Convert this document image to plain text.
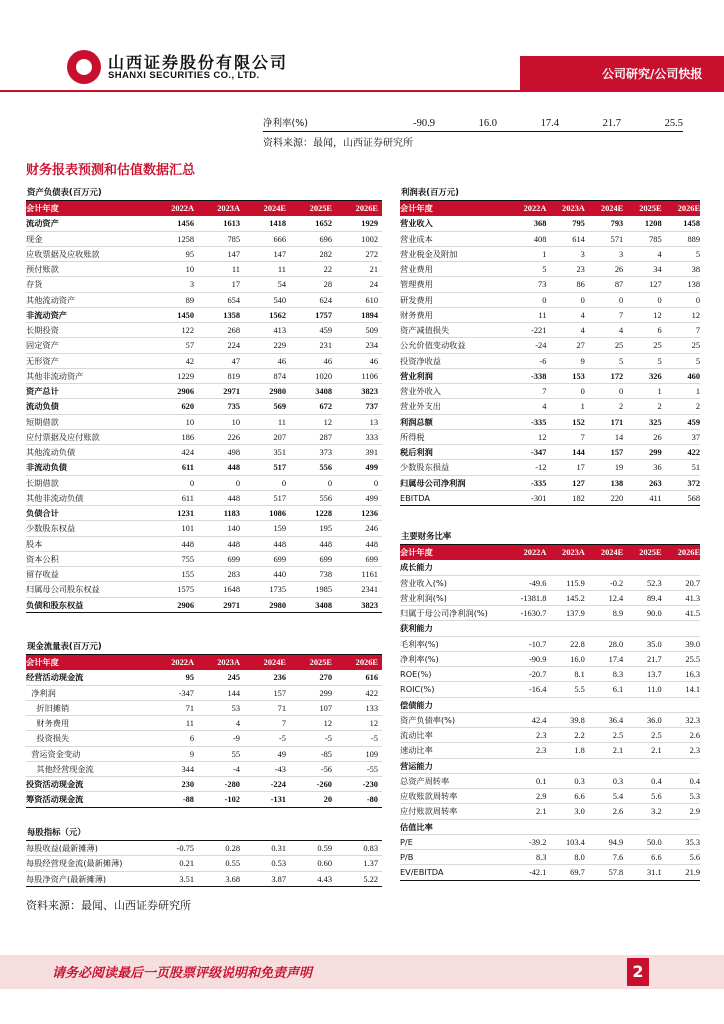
山西证券股份有限公司
SHANXI SECURITIES CO., LTD.	公司研究/公司快报
净利率(%)	-90.9	16.0	17.4	21.7	25.5
资料来源：最闻，山西证券研究所
财务报表预测和估值数据汇总
资产负债表(百万元)
会计年度	2022A	2023A	2024E	2025E	2026E
流动资产	1456	1613	1418	1652	1929
现金	1258	785	666	696	1002
应收票据及应收账款	95	147	147	282	272
预付账款	10	11	11	22	21
存货	3	17	54	28	24
其他流动资产	89	654	540	624	610
非流动资产	1450	1358	1562	1757	1894
长期投资	122	268	413	459	509
固定资产	57	224	229	231	234
无形资产	42	47	46	46	46
其他非流动资产	1229	819	874	1020	1106
资产总计	2906	2971	2980	3408	3823
流动负债	620	735	569	672	737
短期借款	10	10	11	12	13
应付票据及应付账款	186	226	207	287	333
其他流动负债	424	498	351	373	391
非流动负债	611	448	517	556	499
长期借款	0	0	0	0	0
其他非流动负债	611	448	517	556	499
负债合计	1231	1183	1086	1228	1236
少数股东权益	101	140	159	195	246
股本	448	448	448	448	448
资本公积	755	699	699	699	699
留存收益	155	283	440	738	1161
归属母公司股东权益	1575	1648	1735	1985	2341
负债和股东权益	2906	2971	2980	3408	3823
利润表(百万元)
会计年度	2022A	2023A	2024E	2025E	2026E
营业收入	368	795	793	1208	1458
营业成本	408	614	571	785	889
营业税金及附加	1	3	3	4	5
营业费用	5	23	26	34	38
管理费用	73	86	87	127	138
研发费用	0	0	0	0	0
财务费用	11	4	7	12	12
资产减值损失	-221	4	4	6	7
公允价值变动收益	-24	27	25	25	25
投资净收益	-6	9	5	5	5
营业利润	-338	153	172	326	460
营业外收入	7	0	0	1	1
营业外支出	4	1	2	2	2
利润总额	-335	152	171	325	459
所得税	12	7	14	26	37
税后利润	-347	144	157	299	422
少数股东损益	-12	17	19	36	51
归属母公司净利润	-335	127	138	263	372
EBITDA	-301	182	220	411	568
主要财务比率
会计年度	2022A	2023A	2024E	2025E	2026E
成长能力
营业收入(%)	-49.6	115.9	-0.2	52.3	20.7
营业利润(%)	-1381.8	145.2	12.4	89.4	41.3
归属于母公司净利润(%)	-1630.7	137.9	8.9	90.0	41.5
获利能力
毛利率(%)	-10.7	22.8	28.0	35.0	39.0
净利率(%)	-90.9	16.0	17.4	21.7	25.5
ROE(%)	-20.7	8.1	8.3	13.7	16.3
ROIC(%)	-16.4	5.5	6.1	11.0	14.1
偿债能力
资产负债率(%)	42.4	39.8	36.4	36.0	32.3
流动比率	2.3	2.2	2.5	2.5	2.6
速动比率	2.3	1.8	2.1	2.1	2.3
营运能力
总资产周转率	0.1	0.3	0.3	0.4	0.4
应收账款周转率	2.9	6.6	5.4	5.6	5.3
应付账款周转率	2.1	3.0	2.6	3.2	2.9
估值比率
P/E	-39.2	103.4	94.9	50.0	35.3
P/B	8.3	8.0	7.6	6.6	5.6
EV/EBITDA	-42.1	69.7	57.8	31.1	21.9
现金流量表(百万元)
会计年度	2022A	2023A	2024E	2025E	2026E
经营活动现金流	95	245	236	270	616
净利润	-347	144	157	299	422
折旧摊销	71	53	71	107	133
财务费用	11	4	7	12	12
投资损失	6	-9	-5	-5	-5
营运资金变动	9	55	49	-85	109
其他经营现金流	344	-4	-43	-56	-55
投资活动现金流	230	-280	-224	-260	-230
筹资活动现金流	-88	-102	-131	20	-80
每股指标（元）
每股收益(最新摊薄)	-0.75	0.28	0.31	0.59	0.83
每股经营现金流(最新摊薄)	0.21	0.55	0.53	0.60	1.37
每股净资产(最新摊薄)	3.51	3.68	3.87	4.43	5.22
资料来源：最闻、山西证券研究所
请务必阅读最后一页股票评级说明和免责声明	2
